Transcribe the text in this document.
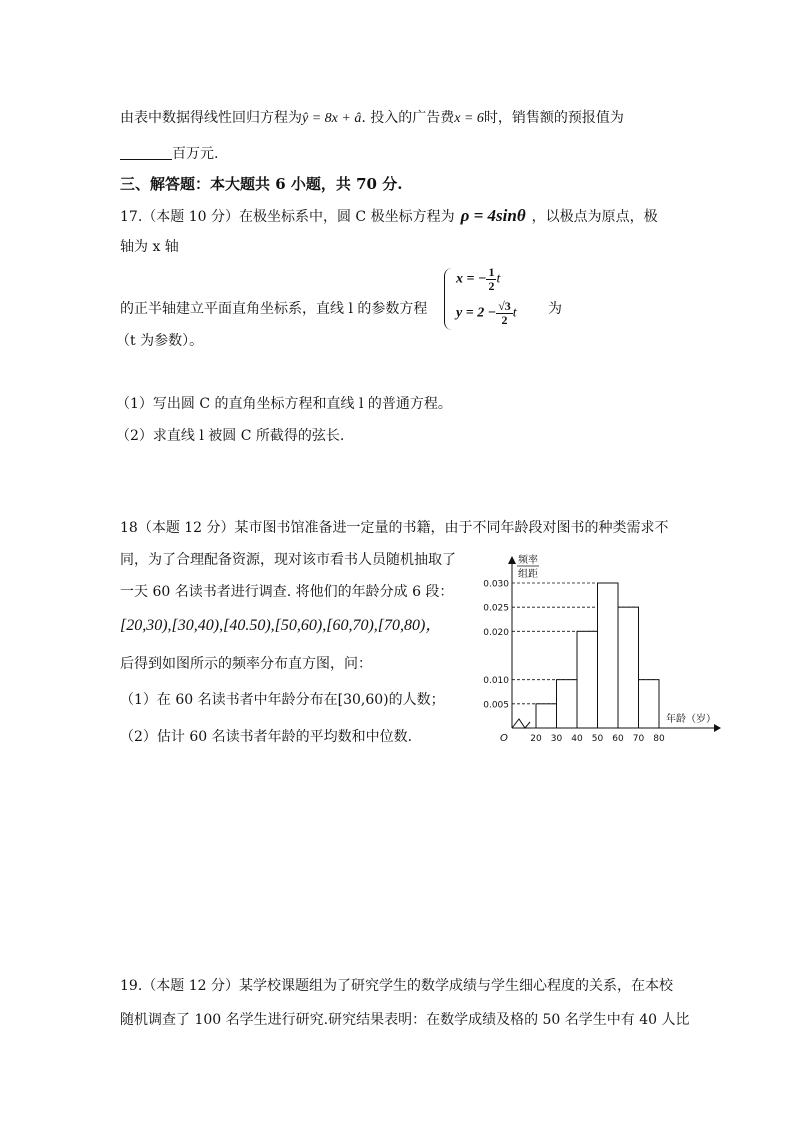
由表中数据得线性回归方程为ŷ = 8x + â. 投入的广告费x = 6时，销售额的预报值为
百万元.
三、解答题：本大题共 6 小题，共 70 分.
17.（本题 10 分）在极坐标系中，圆 C 极坐标方程为 ρ = 4sinθ ，以极点为原点，极
轴为 x 轴
的正半轴建立平面直角坐标系，直线 l 的参数方程
x = − $\frac{1}{2}$ t
$y = 2 - \frac{√3}{2}$ t 为
（t 为参数）。
（1）写出圆 C 的直角坐标方程和直线 l 的普通方程。
（2）求直线 l 被圆 C 所截得的弦长.
18（本题 12 分）某市图书馆准备进一定量的书籍，由于不同年龄段对图书的种类需求不
同，为了合理配备资源，现对该市看书人员随机抽取了
一天 60 名读书者进行调查. 将他们的年龄分成 6 段：
[20,30),[30,40),[40.50),[50,60),[60,70),[70,80)，
后得到如图所示的频率分布直方图，问：
（1）在 60 名读书者中年龄分布在[30,60)的人数；
（2）估计 60 名读书者年龄的平均数和中位数.
0.005
0.010
0.020
0.025
0.030
20 30 40 50 60 70 80
O
频率
组距
年龄（岁）
19.（本题 12 分）某学校课题组为了研究学生的数学成绩与学生细心程度的关系，在本校
随机调查了 100 名学生进行研究.研究结果表明：在数学成绩及格的 50 名学生中有 40 人比
